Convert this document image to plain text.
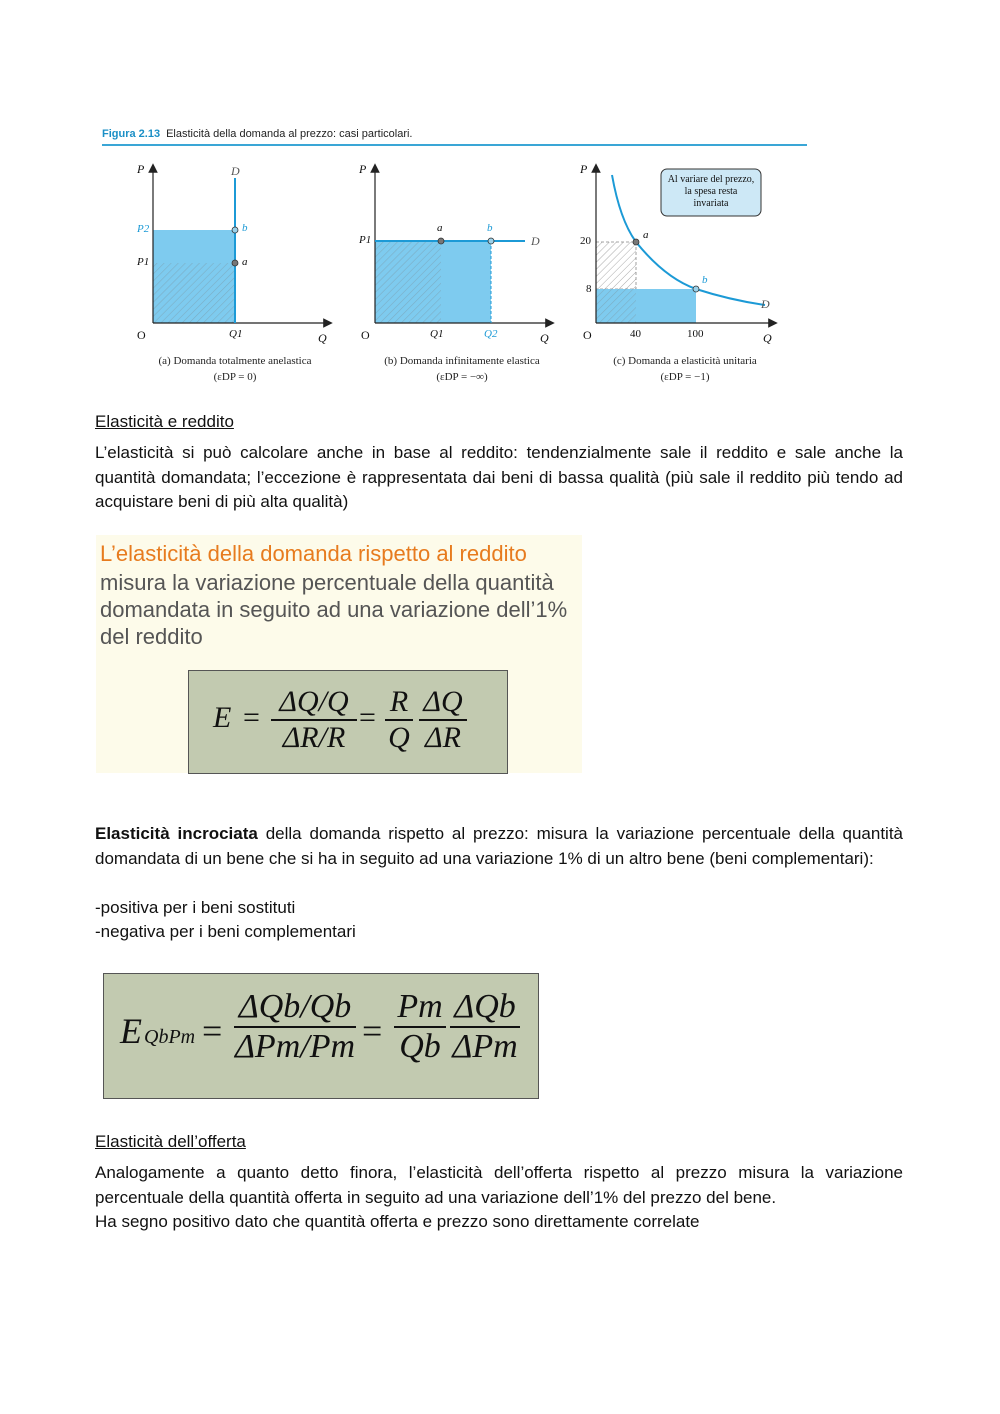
Figura 2.13 Elasticità della domanda al prezzo: casi particolari.
P	D
P2
P1
b
a
O	Q1	Q
(a) Domanda totalmente anelastica
(εDP = 0)
P
P1
a	b
D
O	Q1	Q2	Q
(b) Domanda infinitamente elastica
(εDP = −∞)
P
Al variare del prezzo,
la spesa resta
invariata
20	a
8
b
D
O	40	100	Q
(c) Domanda a elasticità unitaria
(εDP = −1)
Elasticità e reddito
L’elasticità si può calcolare anche in base al reddito: tendenzialmente sale il reddito e sale anche la quantità domandata; l’eccezione è rappresentata dai beni di bassa qualità (più sale il reddito più tendo ad acquistare beni di più alta qualità)
L’elasticità della domanda rispetto al reddito
misura la variazione percentuale della quantità
domandata in seguito ad una variazione dell’1%
del reddito
E = ΔQ/Q
ΔR/R
= R
Q
ΔQ
ΔR
Elasticità incrociata della domanda rispetto al prezzo: misura la variazione percentuale della quantità domandata di un bene che si ha in seguito ad una variazione 1% di un altro bene (beni complementari):
-positiva per i beni sostituti
-negativa per i beni complementari
E QbPm =
ΔQb/Qb
ΔPm/Pm =
Pm
Qb
ΔQb
ΔPm
Elasticità dell’offerta
Analogamente a quanto detto finora, l’elasticità dell’offerta rispetto al prezzo misura la variazione percentuale della quantità offerta in seguito ad una variazione dell’1% del prezzo del bene.
Ha segno positivo dato che quantità offerta e prezzo sono direttamente correlate
